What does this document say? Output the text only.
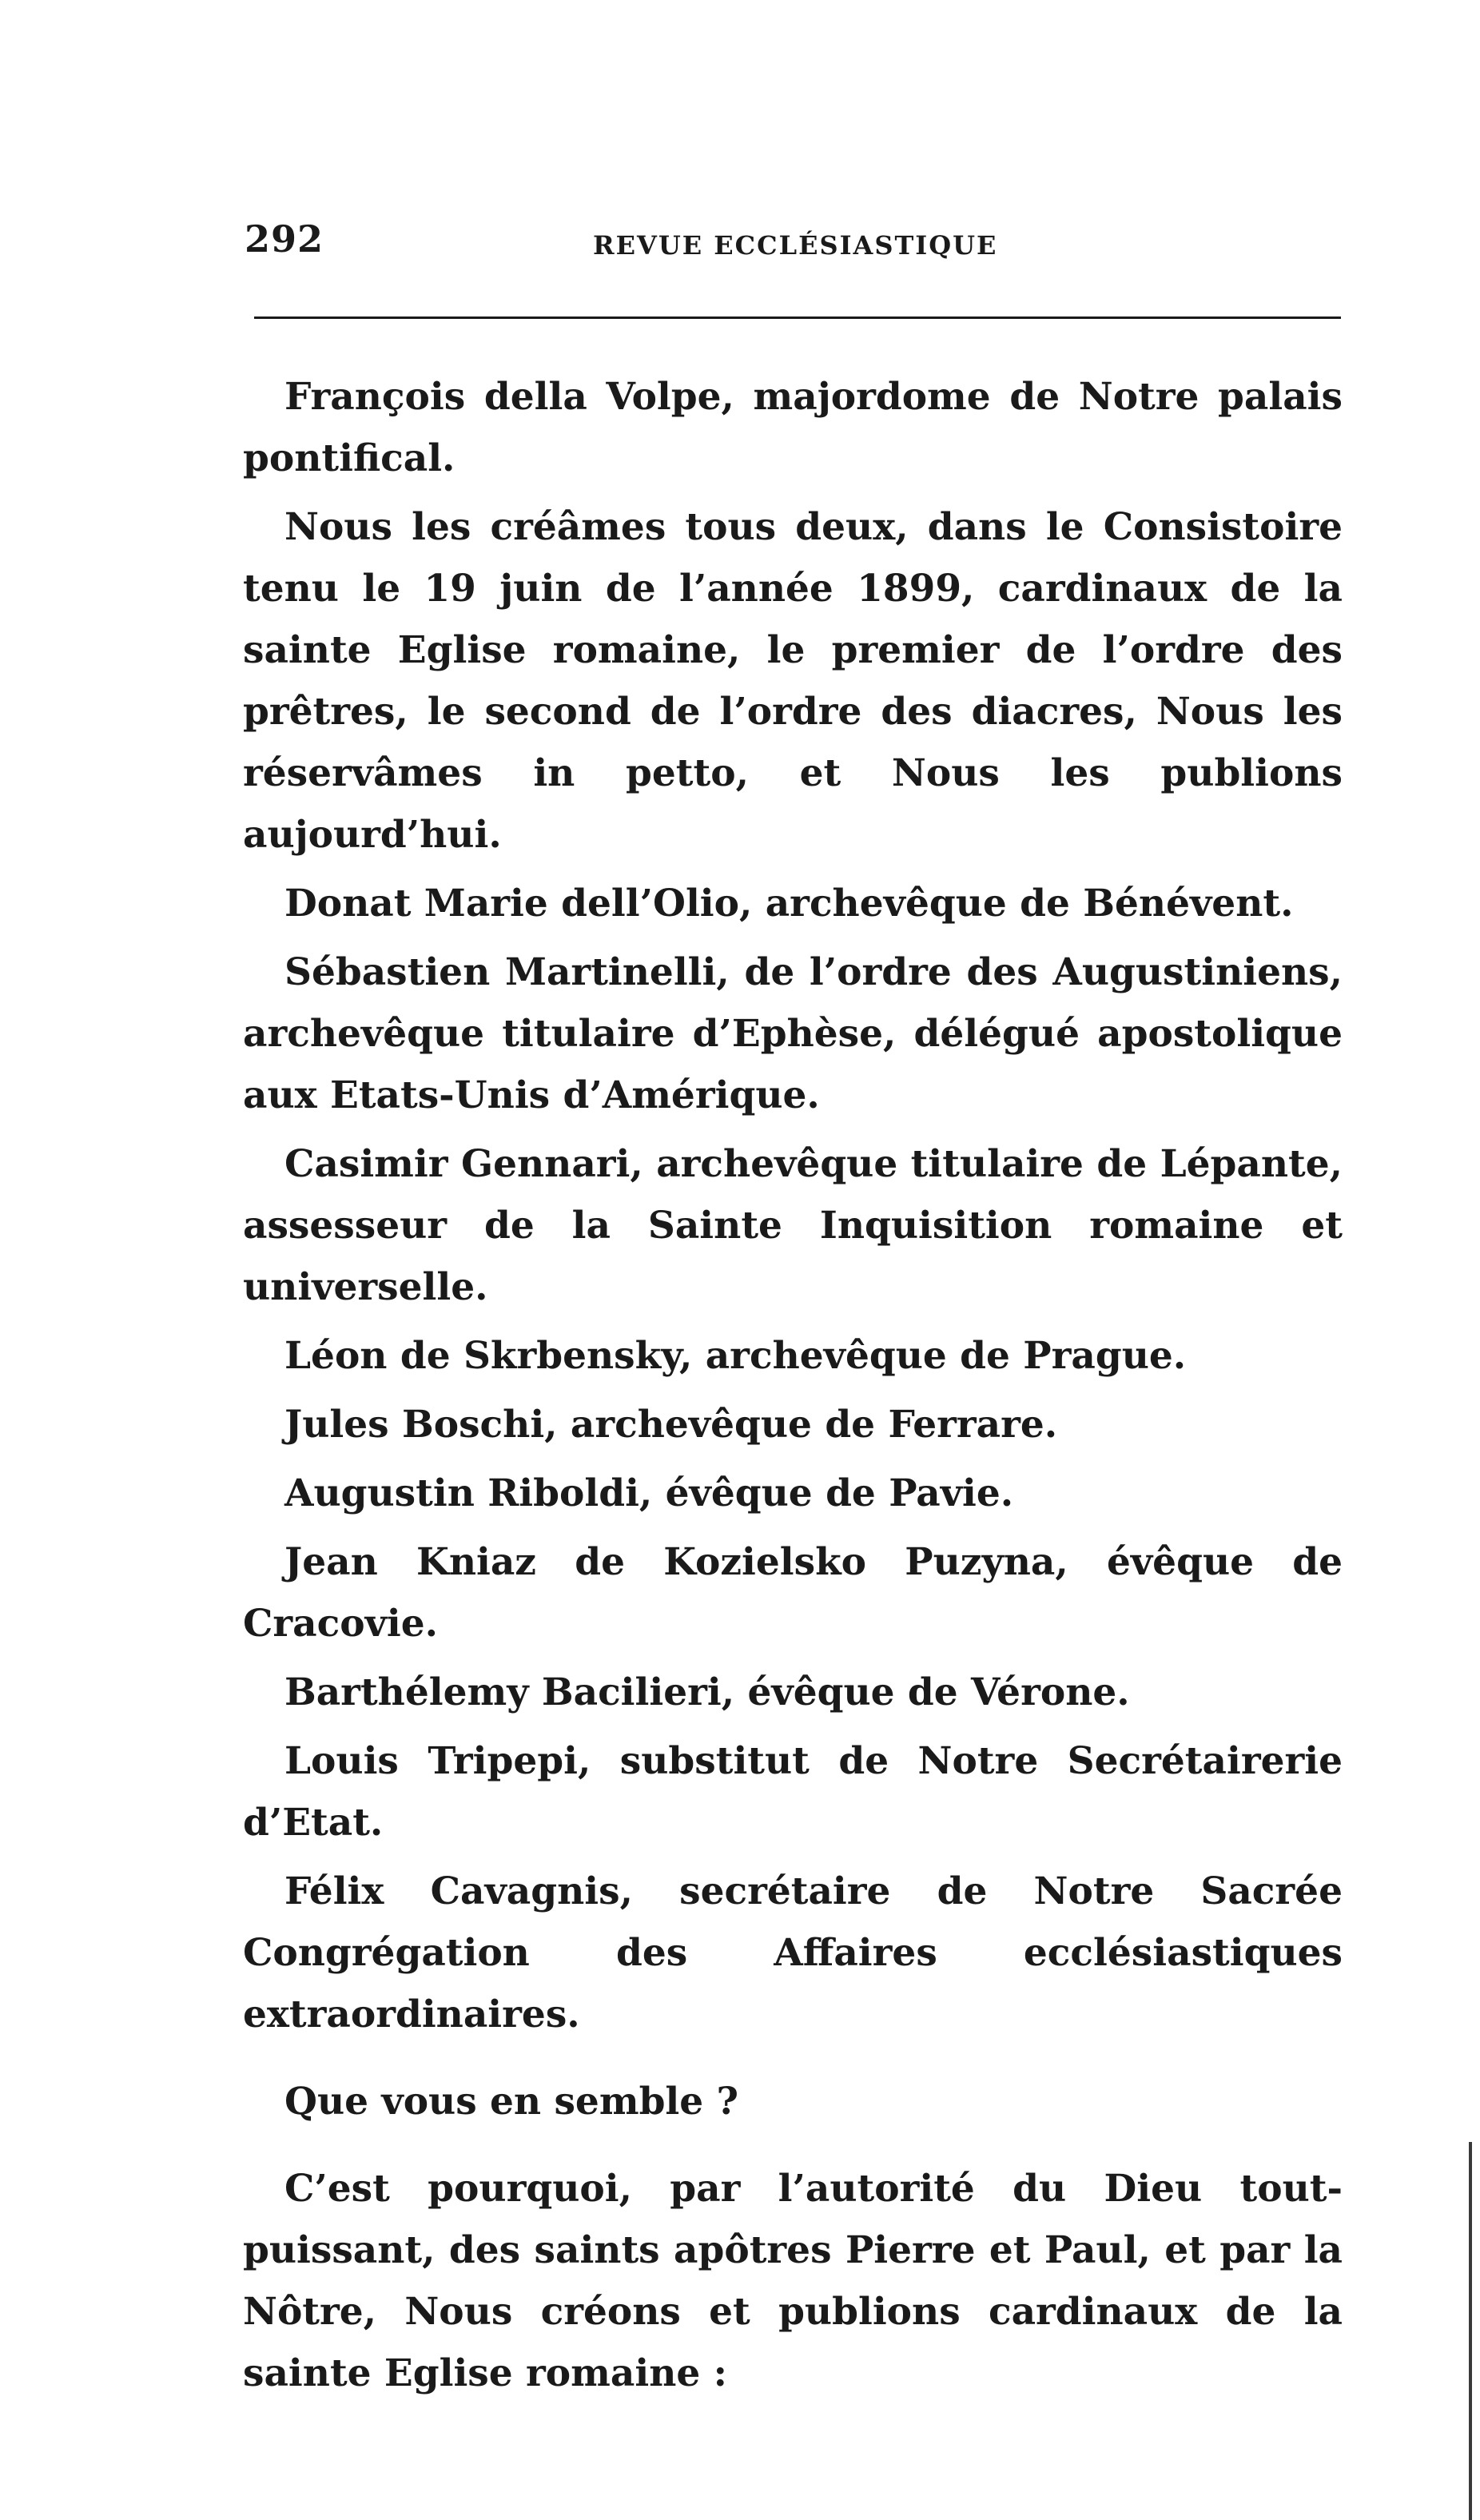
292	REVUE ECCLÉSIASTIQUE

François della Volpe, majordome de Notre palais pontifical.

Nous les créâmes tous deux, dans le Consistoire tenu le 19 juin de l’année 1899, cardinaux de la sainte Eglise romaine, le premier de l’ordre des prêtres, le second de l’ordre des diacres, Nous les réservâmes in petto, et Nous les publions aujourd’hui.

Donat Marie dell’Olio, archevêque de Bénévent.

Sébastien Martinelli, de l’ordre des Augustiniens, archevêque titulaire d’Ephèse, délégué apostolique aux Etats-Unis d’Amérique.

Casimir Gennari, archevêque titulaire de Lépante, assesseur de la Sainte Inquisition romaine et universelle.

Léon de Skrbensky, archevêque de Prague.

Jules Boschi, archevêque de Ferrare.

Augustin Riboldi, évêque de Pavie.

Jean Kniaz de Kozielsko Puzyna, évêque de Cracovie.

Barthélemy Bacilieri, évêque de Vérone.

Louis Tripepi, substitut de Notre Secrétairerie d’Etat.

Félix Cavagnis, secrétaire de Notre Sacrée Congrégation des Affaires ecclésiastiques extraordinaires.

Que vous en semble ?

C’est pourquoi, par l’autorité du Dieu tout-puissant, des saints apôtres Pierre et Paul, et par la Nôtre, Nous créons et publions cardinaux de la sainte Eglise romaine :
